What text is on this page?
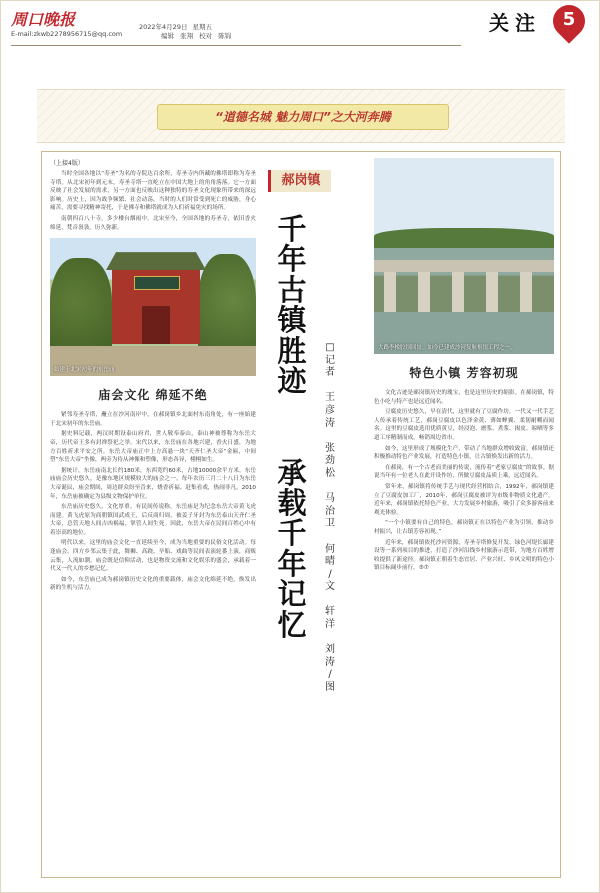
周口晚报
E-mail:zkwb2278956715@qq.com
2022年4月29日 星期五
编辑 张翔 校对 陈锦
关注	5
“道德名城 魅力周口”之大河奔腾
（上接4版）

当时全国各地以“寿圣”为名的寺院达百余所，寿圣寺内所藏的佛塔即称为寿圣寺塔。从北宋初年到元末，寿圣寺塔一直屹立在中国大地上的角角落落。它一方面反映了社会发展的需求，另一方面也反映出这种独特的寿圣文化现象所带来的深远影响。历史上，因为战争频繁、社会动荡，当时的人们时常受到死亡的威胁，身心痛苦，需要寻找精神寄托，于是佛寺和佛塔就成为人们祈福免灾的场所。

南朝四百八十寺，多少楼台烟雨中。北宋至今，全国各地的寿圣寺，依旧香火绵延，梵音袅袅，历久弥新。

始建于北宋初年的东岳庙
庙会文化 绵延不绝

紧邻寿圣寺塔，矗立在沙河南岸中，在郝岗镇乡北面村东南角处，有一座始建于北宋初年的东岳庙。

据史料记载，两汉时期设泰山府君，世人敬奉泰山，泰山神被尊称为东岳大帝，历代帝王多有封禅祭祀之举。宋代以来，东岳庙在各地兴建，香火日盛，为地方百姓祈求平安之所。东岳大帝庙正中上方高悬一块“天齐仁圣大帝”金匾，中间塑“东岳大帝”坐像，两旁为侍从神像和塑像，形态各异，栩栩如生。

据统计，东岳庙南北长约180米，东西宽约60米，占地10000余平方米。东岳庙庙会历史悠久，是豫东地区规模较大的庙会之一。每年农历三月二十八日为东岳大帝诞辰，庙会期间，周边群众纷至沓来，烧香祈福、赶集看戏，热闹非凡。2010年，东岳庙被确定为县级文物保护单位。

东岳庙历史悠久，文化厚重。有民间传说称，东岳庙是为纪念东岳大帝黄飞虎而建。黄飞虎原为商朝镇国武成王，后反商归周，被姜子牙封为东岳泰山天齐仁圣大帝，总管天地人间吉凶祸福，掌管人间生死。因此，东岳大帝在民间百姓心中有着崇高的地位。

明代以来，这里的庙会文化一直延续至今，成为当地重要的民俗文化活动。每逢庙会，四方乡邻云集于此，舞狮、高跷、旱船、戏曲等民间表演轮番上演，商贩云集，人流如潮。庙会既是信仰活动，也是物资交流和文化娱乐的盛会，承载着一代又一代人的乡愁记忆。

如今，东岳庙已成为郝岗镇历史文化的重要载体，庙会文化绵延不绝，焕发出新的生机与活力。

郝岗镇
千
年
古
镇
胜
迹

承
载
千
年
记
忆
□
记
者

王
彦
涛

张
劲
松

马
治
卫

何
晴
/
文

轩
洋

刘
涛
/
图
大路李橡胶坝回址，如今已建成沙河复航枢纽工程之一。
特色小镇 芳容初现

文化古迹是郝岗镇历史的瑰宝，也是这里历史的缩影。在郝岗镇，特色小吃与特产也是远近闻名。

豆腐皮历史悠久，早在清代，这里就有了豆腐作坊。一代又一代手艺人传承着传统工艺，郝岗豆腐皮以色泽金黄、薄如蝉翼、柔韧耐嚼而闻名。这里的豆腐皮选用优质黄豆，经浸泡、磨浆、煮浆、揭皮、晾晒等多道工序精制而成，畅销周边省市。

如今，这里形成了规模化生产，带动了当地群众增收致富。郝岗镇还积极推动特色产业发展，打造特色小镇，让古镇焕发出新的活力。

在郝岗，有一个古老而美丽的传说，流传着“老家豆腐皮”的故事。据说当年有一位老人在此开设作坊，所做豆腐皮品质上乘，远近闻名。

常年来，郝岗镇将传统手艺与现代经营相结合，1992年，郝岗镇建立了豆腐皮加工厂，2010年，郝岗豆腐皮被评为市级非物质文化遗产。近年来，郝岗镇依托特色产业，大力发展乡村旅游，吸引了众多游客前来观光体验。

“一个小镇要有自己的特色，郝岗镇正在以特色产业为引领，推动乡村振兴，让古镇芳容初现。”

近年来，郝岗镇依托沙河资源，寿圣寺塔修复开发、绿色河堤长廊建设等一系列项目的推进，打造了沙河沿线乡村旅游示范带，为地方百姓增收提供了新途径。郝岗镇正朝着生态宜居、产业兴旺、乡风文明的特色小镇目标阔步前行。⑤⑦
